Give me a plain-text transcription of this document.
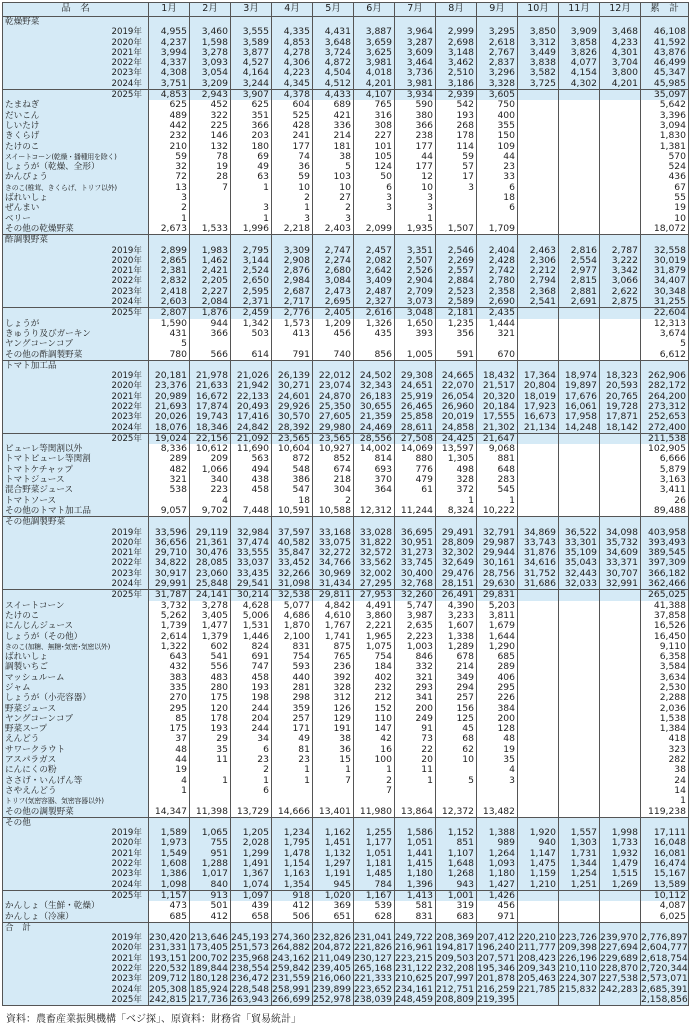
品　名	1月	2月	3月	4月	5月	6月	7月	8月	9月	10月	11月	12月	累　計
乾燥野菜													
2019年	4,955	3,460	3,555	4,335	4,431	3,887	3,964	2,999	3,295	3,850	3,909	3,468	46,108
2020年	4,237	1,598	3,589	4,853	3,648	3,659	3,287	2,698	2,618	3,312	3,858	4,233	41,592
2021年	3,994	3,278	3,877	4,278	3,724	3,625	3,609	3,148	2,767	3,449	3,826	4,301	43,876
2022年	4,337	3,093	4,527	4,306	4,872	3,981	3,464	3,462	2,837	3,838	4,077	3,704	46,499
2023年	4,308	3,054	4,164	4,223	4,504	4,018	3,736	2,510	3,296	3,582	4,154	3,800	45,347
2024年	3,751	3,209	3,244	4,345	4,512	4,201	3,981	3,186	3,328	3,725	4,302	4,201	45,985
2025年	4,853	2,943	3,907	4,378	4,433	4,107	3,934	2,939	3,605				35,097
たまねぎ	625	452	625	604	689	765	590	542	750				5,642
だいこん	489	322	351	525	421	316	380	193	400				3,396
しいたけ	442	225	366	428	336	308	366	268	355				3,094
きくらげ	232	146	203	241	214	227	238	178	150				1,830
たけのこ	210	132	180	177	181	101	177	114	109				1,381
スイートコーン(乾燥・播種用を除く)	59	78	69	74	38	105	44	59	44				570
しょうが（乾燥、全形）	32	19	49	36	5	124	177	57	23				524
かんぴょう	72	28	63	59	103	50	12	17	33				436
きのこ(椎茸、きくらげ、トリフ以外)	13	7	1	10	10	6	10	3	6				67
ばれいしょ	3			2	27	3	3		18				55
ぜんまい	2		3	1	2	3	3		6				19
ベリー	1		1	3	3		1						10
その他の乾燥野菜	2,673	1,533	1,996	2,218	2,403	2,099	1,935	1,507	1,709				18,072
酢調製野菜													
2019年	2,899	1,983	2,795	3,309	2,747	2,457	3,351	2,546	2,404	2,463	2,816	2,787	32,558
2020年	2,865	1,462	3,144	2,908	2,274	2,082	2,507	2,269	2,428	2,306	2,554	3,222	30,019
2021年	2,381	2,421	2,524	2,876	2,680	2,642	2,526	2,557	2,742	2,212	2,977	3,342	31,879
2022年	2,832	2,205	2,650	2,984	3,084	3,409	2,904	2,884	2,780	2,794	2,815	3,066	34,407
2023年	2,418	2,227	2,595	2,687	2,473	2,487	2,709	2,523	2,358	2,368	2,881	2,622	30,348
2024年	2,603	2,084	2,371	2,717	2,695	2,327	3,073	2,589	2,690	2,541	2,691	2,875	31,255
2025年	2,807	1,876	2,459	2,776	2,405	2,616	3,048	2,181	2,435				22,604
しょうが	1,590	944	1,342	1,573	1,209	1,326	1,650	1,235	1,444				12,313
きゅうり及びガーキン	431	366	503	413	456	435	393	356	321				3,674
ヤングコーンコブ	5												5
その他の酢調製野菜	780	566	614	791	740	856	1,005	591	670				6,612
トマト加工品													
2019年	20,181	21,978	21,026	26,139	22,012	24,502	29,308	24,665	18,432	17,364	18,974	18,323	262,906
2020年	23,376	21,633	21,942	30,271	23,074	32,343	24,651	22,070	21,517	20,804	19,897	20,593	282,172
2021年	20,989	16,672	22,133	24,601	24,870	26,183	25,919	26,054	20,320	18,019	17,676	20,765	264,200
2022年	21,693	17,874	20,493	29,926	25,350	30,655	26,465	26,960	20,184	17,923	16,061	19,728	273,312
2023年	20,026	19,743	17,416	30,570	27,605	21,359	25,858	20,019	17,555	16,673	17,958	17,871	252,653
2024年	18,076	18,346	24,842	28,392	29,980	24,469	28,611	24,858	21,302	21,134	14,248	18,142	272,400
2025年	19,024	22,156	21,092	23,565	23,565	28,556	27,508	24,425	21,647				211,538
ピューレ等関割以外	8,336	10,612	11,690	10,604	10,927	14,002	14,069	13,597	9,068				102,905
トマトピューレ等関割	289	209	563	872	852	814	880	1,305	881				6,666
トマトケチャップ	482	1,066	494	548	674	693	776	498	648				5,879
トマトジュース	321	340	438	386	218	370	479	328	283				3,163
混合野菜ジュース	538	223	458	547	304	364	61	372	545				3,411
トマトソース		4		18	2			1	1				26
その他のトマト加工品	9,057	9,702	7,448	10,591	10,588	12,312	11,244	8,324	10,222				89,488
その他調製野菜													
2019年	33,596	29,119	32,984	37,597	33,168	33,028	36,695	29,491	32,791	34,869	36,522	34,098	403,958
2020年	36,656	21,361	37,474	40,582	33,075	31,822	30,951	28,809	29,987	33,743	33,301	35,732	393,493
2021年	29,710	30,476	33,555	35,847	32,272	32,572	31,273	32,302	29,944	31,876	35,109	34,609	389,545
2022年	34,822	28,085	33,037	33,452	34,766	33,562	33,745	32,649	30,161	34,616	35,043	33,371	397,309
2023年	30,917	23,060	33,435	32,266	30,969	32,002	30,400	29,476	28,756	31,752	32,443	30,707	366,182
2024年	29,991	25,848	29,541	31,098	31,434	27,295	32,768	28,151	29,630	31,686	32,033	32,991	362,466
2025年	31,787	24,141	30,214	32,538	29,811	27,953	32,260	26,491	29,831				265,025
スイートコーン	3,732	3,278	4,628	5,077	4,842	4,491	5,747	4,390	5,203				41,388
たけのこ	5,262	3,405	5,006	4,686	4,610	3,860	3,987	3,233	3,811				37,858
にんじんジュース	1,739	1,477	1,531	1,870	1,767	2,221	2,635	1,607	1,679				16,526
しょうが（その他）	2,614	1,379	1,446	2,100	1,741	1,965	2,223	1,338	1,644				16,450
きのこ(加糖、無糖･気密･気密以外)	1,322	602	824	831	875	1,075	1,003	1,289	1,290				9,110
ばれいしょ	643	541	691	754	765	754	846	678	685				6,358
調製いちご	432	556	747	593	236	184	332	214	289				3,584
マッシュルーム	383	483	458	440	392	402	321	349	406				3,634
ジャム	335	280	193	281	328	232	293	294	295				2,530
しょうが（小売容器）	270	175	198	298	312	212	341	257	226				2,288
野菜ジュース	295	120	244	359	126	152	200	156	384				2,036
ヤングコーンコブ	85	178	204	257	129	110	249	125	200				1,538
野菜スープ	175	193	244	171	191	147	91	45	128				1,384
えんどう	37	29	34	49	38	42	73	68	48				418
サワークラウト	48	35	6	81	36	16	22	62	19				323
アスパラガス	44	11	23	23	15	100	20	10	35				282
にんにくの粉	19		2	1	1	1	11		4				38
ささげ・いんげん等	4	1	1	1	7	2	1	5	3				24
さやえんどう	1		6			7							14
トリフ(気密容器、気密容器以外)													1
その他の調製野菜	14,347	11,398	13,729	14,666	13,401	11,980	13,864	12,372	13,482				119,238
その他													
2019年	1,589	1,065	1,205	1,234	1,162	1,255	1,586	1,152	1,388	1,920	1,557	1,998	17,111
2020年	1,973	755	2,028	1,795	1,451	1,177	1,051	851	989	940	1,303	1,733	16,048
2021年	1,549	951	1,299	1,478	1,132	1,051	1,441	1,107	1,264	1,147	1,731	1,932	16,081
2022年	1,608	1,288	1,491	1,154	1,297	1,181	1,415	1,648	1,093	1,475	1,344	1,479	16,474
2023年	1,386	1,017	1,367	1,163	1,191	1,485	1,180	1,268	1,180	1,159	1,254	1,515	15,167
2024年	1,098	840	1,074	1,354	945	784	1,396	943	1,427	1,210	1,251	1,269	13,589
2025年	1,157	913	1,097	918	1,020	1,167	1,413	1,001	1,426				10,112
かんしょ（生鮮・乾燥）	473	501	439	412	369	539	581	319	456				4,087
かんしょ（冷凍）	685	412	658	506	651	628	831	683	971				6,025
合　計													
2019年	230,420	213,646	245,193	274,360	232,826	231,041	249,722	208,369	207,412	220,210	223,726	239,970	2,776,897
2020年	231,331	173,405	251,573	264,882	204,872	221,826	216,961	194,817	196,240	211,777	209,398	227,694	2,604,777
2021年	193,151	200,702	235,968	243,162	211,049	230,127	223,215	209,503	207,571	208,423	226,196	229,689	2,618,754
2022年	220,532	189,844	238,554	259,842	239,405	265,168	231,122	232,208	195,346	209,343	210,110	228,870	2,720,344
2023年	209,712	180,128	236,472	231,559	216,060	221,333	210,625	207,997	201,878	205,463	224,307	227,538	2,573,071
2024年	205,308	185,924	228,548	258,991	239,899	223,652	234,161	212,751	216,259	221,785	215,832	242,283	2,685,391
2025年	242,815	217,736	263,943	266,699	252,978	238,039	248,459	208,809	219,395				2,158,856
資料：農畜産業振興機構「ベジ探」、原資料：財務省「貿易統計」
